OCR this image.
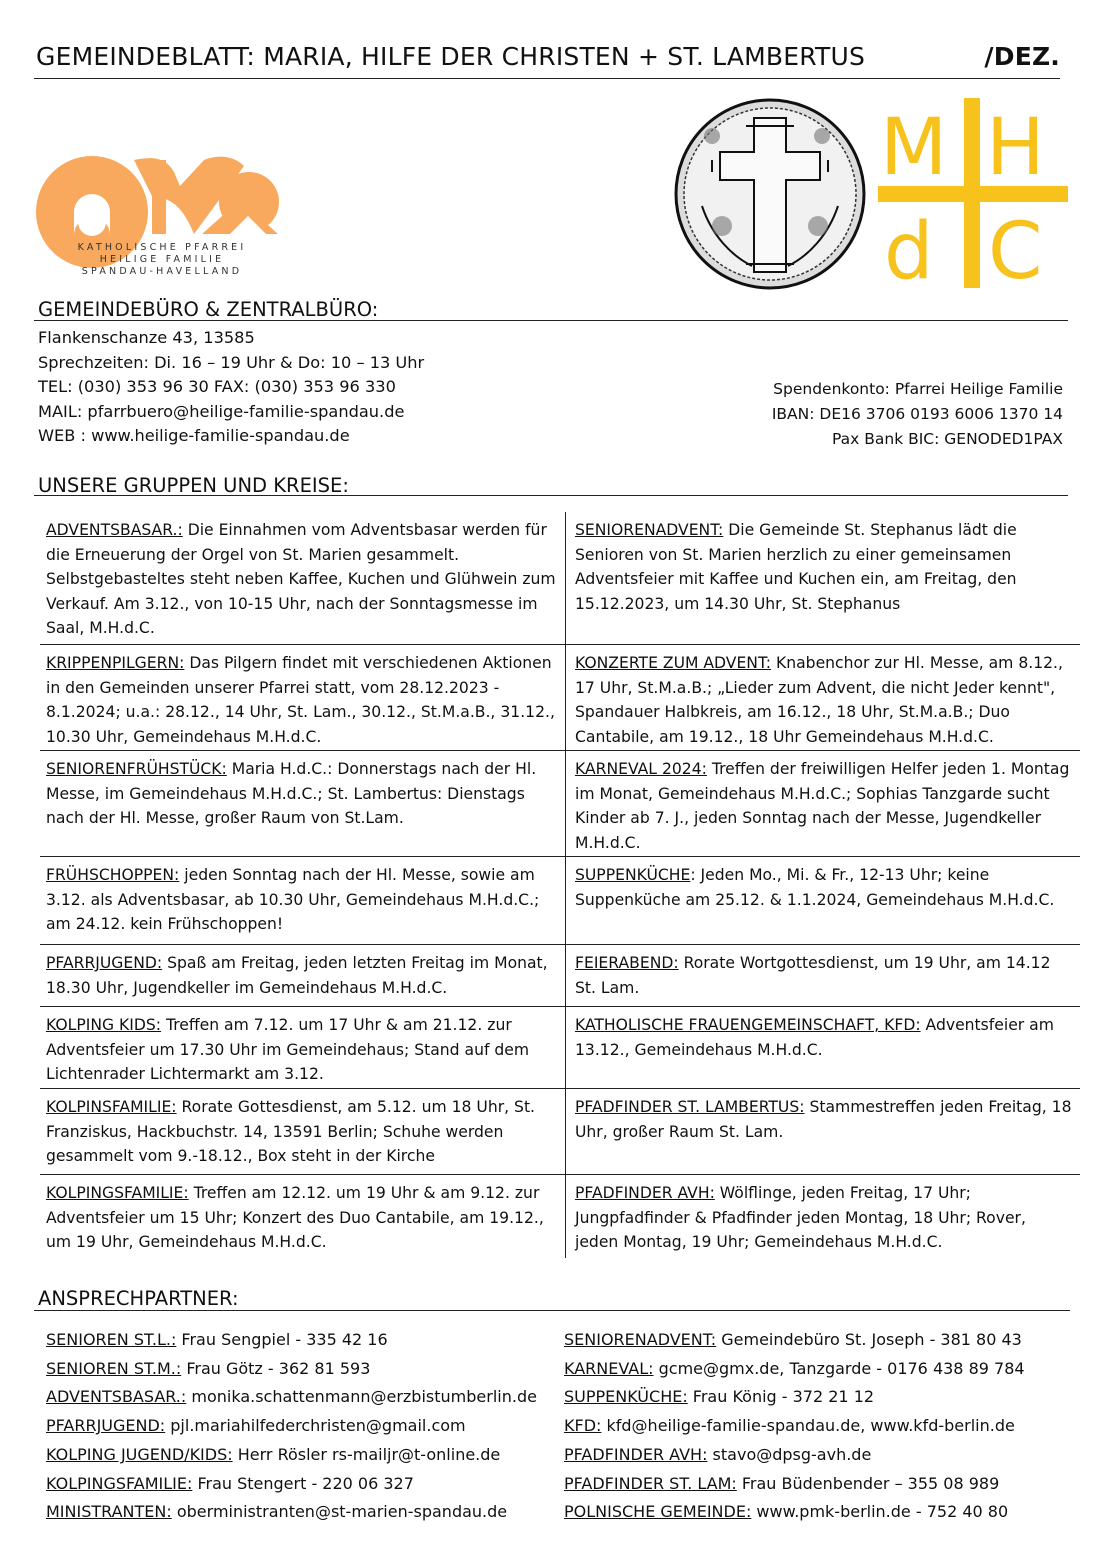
GEMEINDEBLATT: MARIA, HILFE DER CHRISTEN + ST. LAMBERTUS	/DEZ.
KATHOLISCHE PFARREI
HEILIGE FAMILIE
SPANDAU-HAVELLAND
M H
d C
GEMEINDEBÜRO & ZENTRALBÜRO:
Flankenschanze 43, 13585
Sprechzeiten: Di. 16 – 19 Uhr & Do: 10 – 13 Uhr
TEL: (030) 353 96 30 FAX: (030) 353 96 330
MAIL: pfarrbuero@heilige-familie-spandau.de
WEB : www.heilige-familie-spandau.de
Spendenkonto: Pfarrei Heilige Familie
IBAN: DE16 3706 0193 6006 1370 14
Pax Bank BIC: GENODED1PAX
UNSERE GRUPPEN UND KREISE:
ADVENTSBASAR.: Die Einnahmen vom Adventsbasar werden für die Erneuerung der Orgel von St. Marien gesammelt. Selbstgebasteltes steht neben Kaffee, Kuchen und Glühwein zum Verkauf. Am 3.12., von 10-15 Uhr, nach der Sonntagsmesse im Saal, M.H.d.C.
SENIORENADVENT: Die Gemeinde St. Stephanus lädt die Senioren von St. Marien herzlich zu einer gemeinsamen Adventsfeier mit Kaffee und Kuchen ein, am Freitag, den 15.12.2023, um 14.30 Uhr, St. Stephanus
KRIPPENPILGERN: Das Pilgern findet mit verschiedenen Aktionen in den Gemeinden unserer Pfarrei statt, vom 28.12.2023 - 8.1.2024; u.a.: 28.12., 14 Uhr, St. Lam., 30.12., St.M.a.B., 31.12., 10.30 Uhr, Gemeindehaus M.H.d.C.
KONZERTE ZUM ADVENT: Knabenchor zur Hl. Messe, am 8.12., 17 Uhr, St.M.a.B.; „Lieder zum Advent, die nicht Jeder kennt", Spandauer Halbkreis, am 16.12., 18 Uhr, St.M.a.B.; Duo Cantabile, am 19.12., 18 Uhr Gemeindehaus M.H.d.C.
SENIORENFRÜHSTÜCK: Maria H.d.C.: Donnerstags nach der Hl. Messe, im Gemeindehaus M.H.d.C.; St. Lambertus: Dienstags nach der Hl. Messe, großer Raum von St.Lam.
KARNEVAL 2024: Treffen der freiwilligen Helfer jeden 1. Montag im Monat, Gemeindehaus M.H.d.C.; Sophias Tanzgarde sucht Kinder ab 7. J., jeden Sonntag nach der Messe, Jugendkeller M.H.d.C.
FRÜHSCHOPPEN: jeden Sonntag nach der Hl. Messe, sowie am 3.12. als Adventsbasar, ab 10.30 Uhr, Gemeindehaus M.H.d.C.; am 24.12. kein Frühschoppen!
SUPPENKÜCHE: Jeden Mo., Mi. & Fr., 12-13 Uhr; keine Suppenküche am 25.12. & 1.1.2024, Gemeindehaus M.H.d.C.
PFARRJUGEND: Spaß am Freitag, jeden letzten Freitag im Monat, 18.30 Uhr, Jugendkeller im Gemeindehaus M.H.d.C.
FEIERABEND: Rorate Wortgottesdienst, um 19 Uhr, am 14.12 St. Lam.
KOLPING KIDS: Treffen am 7.12. um 17 Uhr & am 21.12. zur Adventsfeier um 17.30 Uhr im Gemeindehaus; Stand auf dem Lichtenrader Lichtermarkt am 3.12.
KATHOLISCHE FRAUENGEMEINSCHAFT, KFD: Adventsfeier am 13.12., Gemeindehaus M.H.d.C.
KOLPINSFAMILIE: Rorate Gottesdienst, am 5.12. um 18 Uhr, St. Franziskus, Hackbuchstr. 14, 13591 Berlin; Schuhe werden gesammelt vom 9.-18.12., Box steht in der Kirche
PFADFINDER ST. LAMBERTUS: Stammestreffen jeden Freitag, 18 Uhr, großer Raum St. Lam.
KOLPINGSFAMILIE: Treffen am 12.12. um 19 Uhr & am 9.12. zur Adventsfeier um 15 Uhr; Konzert des Duo Cantabile, am 19.12., um 19 Uhr, Gemeindehaus M.H.d.C.
PFADFINDER AVH: Wölflinge, jeden Freitag, 17 Uhr; Jungpfadfinder & Pfadfinder jeden Montag, 18 Uhr; Rover, jeden Montag, 19 Uhr; Gemeindehaus M.H.d.C.
ANSPRECHPARTNER:
SENIOREN ST.L.: Frau Sengpiel - 335 42 16
SENIOREN ST.M.: Frau Götz - 362 81 593
ADVENTSBASAR.: monika.schattenmann@erzbistumberlin.de
PFARRJUGEND: pjl.mariahilfederchristen@gmail.com
KOLPING JUGEND/KIDS: Herr Rösler rs-mailjr@t-online.de
KOLPINGSFAMILIE: Frau Stengert - 220 06 327
MINISTRANTEN: oberministranten@st-marien-spandau.de
SENIORENADVENT: Gemeindebüro St. Joseph - 381 80 43
KARNEVAL: gcme@gmx.de, Tanzgarde - 0176 438 89 784
SUPPENKÜCHE: Frau König - 372 21 12
KFD: kfd@heilige-familie-spandau.de, www.kfd-berlin.de
PFADFINDER AVH: stavo@dpsg-avh.de
PFADFINDER ST. LAM: Frau Büdenbender – 355 08 989
POLNISCHE GEMEINDE: www.pmk-berlin.de - 752 40 80
